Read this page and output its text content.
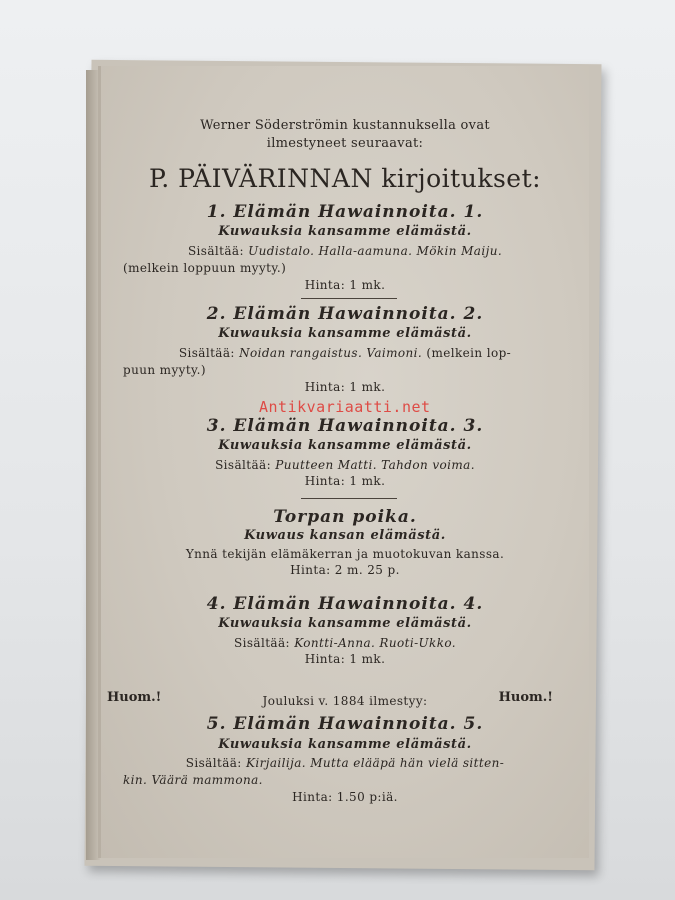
Werner Söderströmin kustannuksella ovat
ilmestyneet seuraavat:
P. PÄIVÄRINNAN kirjoitukset:
1. Elämän Hawainnoita. 1.
Kuwauksia kansamme elämästä.
Sisältää: Uudistalo. Halla-aamuna. Mökin Maiju.
(melkein loppuun myyty.)
Hinta: 1 mk.
2. Elämän Hawainnoita. 2.
Kuwauksia kansamme elämästä.
Sisältää: Noidan rangaistus. Vaimoni. (melkein lop-
puun myyty.)
Hinta: 1 mk.
Antikvariaatti.net
3. Elämän Hawainnoita. 3.
Kuwauksia kansamme elämästä.
Sisältää: Puutteen Matti. Tahdon voima.
Hinta: 1 mk.
Torpan poika.
Kuwaus kansan elämästä.
Ynnä tekijän elämäkerran ja muotokuvan kanssa.
Hinta: 2 m. 25 p.
4. Elämän Hawainnoita. 4.
Kuwauksia kansamme elämästä.
Sisältää: Kontti-Anna. Ruoti-Ukko.
Hinta: 1 mk.
Huom.!	Jouluksi v. 1884 ilmestyy:	Huom.!
5. Elämän Hawainnoita. 5.
Kuwauksia kansamme elämästä.
Sisältää: Kirjailija. Mutta elääpä hän vielä sitten-
kin. Väärä mammona.
Hinta: 1.50 p:iä.
